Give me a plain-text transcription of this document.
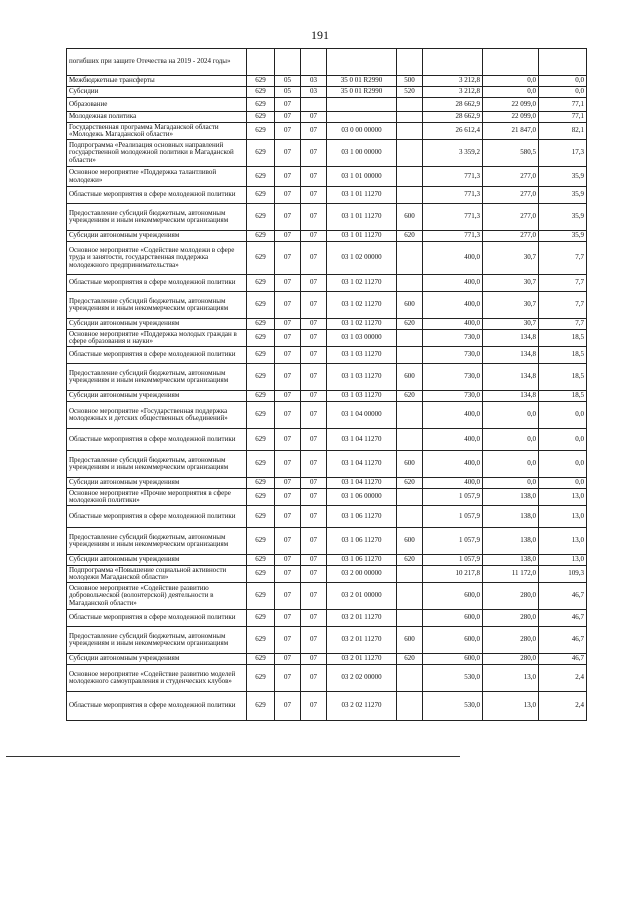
191
погибших при защите Отечества на 2019 - 2024 годы»								
Межбюджетные трансферты	629	05	03	35 0 01 R2990	500	3 212,8	0,0	0,0
Субсидии	629	05	03	35 0 01 R2990	520	3 212,8	0,0	0,0
Образование	629	07				28 662,9	22 099,0	77,1
Молодежная политика	629	07	07			28 662,9	22 099,0	77,1
Государственная программа Магаданской области «Молодежь Магаданской области»	629	07	07	03 0 00 00000		26 612,4	21 847,0	82,1
Подпрограмма «Реализация основных направлений государственной молодежной политики в Магаданской области»	629	07	07	03 1 00 00000		3 359,2	580,5	17,3
Основное мероприятие «Поддержка талантливой молодежи»	629	07	07	03 1 01 00000		771,3	277,0	35,9
Областные мероприятия в сфере молодежной политики	629	07	07	03 1 01 11270		771,3	277,0	35,9
Предоставление субсидий бюджетным, автономным учреждениям и иным некоммерческим организациям	629	07	07	03 1 01 11270	600	771,3	277,0	35,9
Субсидии автономным учреждениям	629	07	07	03 1 01 11270	620	771,3	277,0	35,9
Основное мероприятие «Содействие молодежи в сфере труда и занятости, государственная поддержка молодежного предпринимательства»	629	07	07	03 1 02 00000		400,0	30,7	7,7
Областные мероприятия в сфере молодежной политики	629	07	07	03 1 02 11270		400,0	30,7	7,7
Предоставление субсидий бюджетным, автономным учреждениям и иным некоммерческим организациям	629	07	07	03 1 02 11270	600	400,0	30,7	7,7
Субсидии автономным учреждениям	629	07	07	03 1 02 11270	620	400,0	30,7	7,7
Основное мероприятие «Поддержка молодых граждан в сфере образования и науки»	629	07	07	03 1 03 00000		730,0	134,8	18,5
Областные мероприятия в сфере молодежной политики	629	07	07	03 1 03 11270		730,0	134,8	18,5
Предоставление субсидий бюджетным, автономным учреждениям и иным некоммерческим организациям	629	07	07	03 1 03 11270	600	730,0	134,8	18,5
Субсидии автономным учреждениям	629	07	07	03 1 03 11270	620	730,0	134,8	18,5
Основное мероприятие «Государственная поддержка молодежных и детских общественных объединений»	629	07	07	03 1 04 00000		400,0	0,0	0,0
Областные мероприятия в сфере молодежной политики	629	07	07	03 1 04 11270		400,0	0,0	0,0
Предоставление субсидий бюджетным, автономным учреждениям и иным некоммерческим организациям	629	07	07	03 1 04 11270	600	400,0	0,0	0,0
Субсидии автономным учреждениям	629	07	07	03 1 04 11270	620	400,0	0,0	0,0
Основное мероприятие «Прочие мероприятия в сфере молодежной политики»	629	07	07	03 1 06 00000		1 057,9	138,0	13,0
Областные мероприятия в сфере молодежной политики	629	07	07	03 1 06 11270		1 057,9	138,0	13,0
Предоставление субсидий бюджетным, автономным учреждениям и иным некоммерческим организациям	629	07	07	03 1 06 11270	600	1 057,9	138,0	13,0
Субсидии автономным учреждениям	629	07	07	03 1 06 11270	620	1 057,9	138,0	13,0
Подпрограмма «Повышение социальной активности молодежи Магаданской области»	629	07	07	03 2 00 00000		10 217,8	11 172,0	109,3
Основное мероприятие «Содействие развитию добровольческой (волонтерской) деятельности в Магаданской области»	629	07	07	03 2 01 00000		600,0	280,0	46,7
Областные мероприятия в сфере молодежной политики	629	07	07	03 2 01 11270		600,0	280,0	46,7
Предоставление субсидий бюджетным, автономным учреждениям и иным некоммерческим организациям	629	07	07	03 2 01 11270	600	600,0	280,0	46,7
Субсидии автономным учреждениям	629	07	07	03 2 01 11270	620	600,0	280,0	46,7
Основное мероприятие «Содействие развитию моделей молодежного самоуправления и студенческих клубов»	629	07	07	03 2 02 00000		530,0	13,0	2,4
Областные мероприятия в сфере молодежной политики	629	07	07	03 2 02 11270		530,0	13,0	2,4
